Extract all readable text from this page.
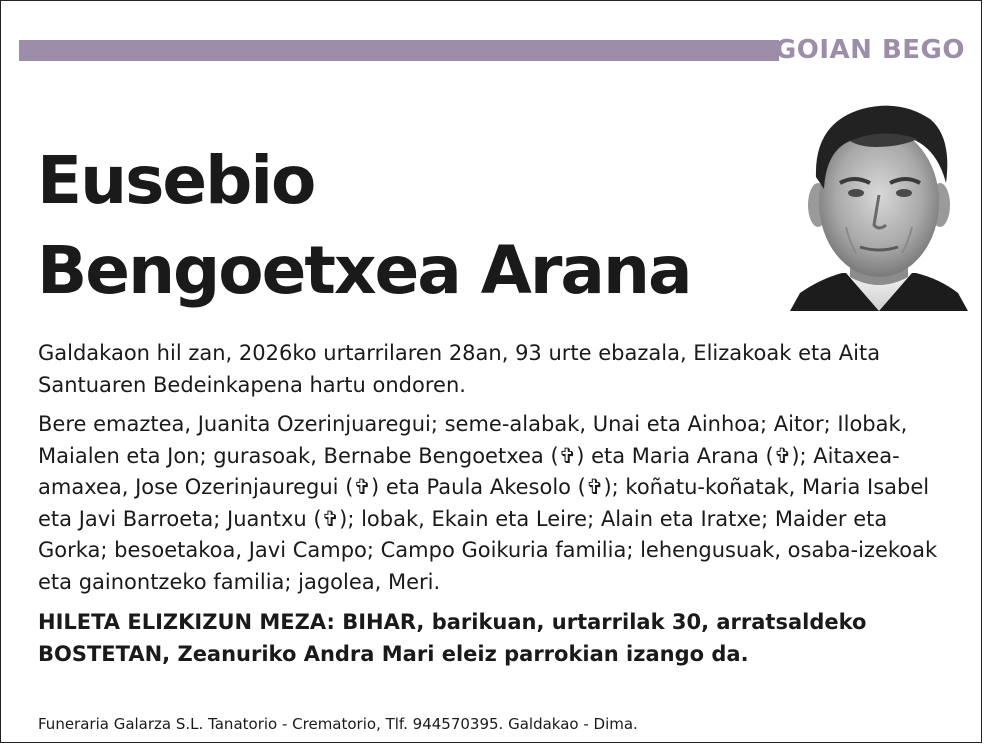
GOIAN BEGO
Eusebio
Bengoetxea Arana

Galdakaon hil zan, 2026ko urtarrilaren 28an, 93 urte ebazala, Elizakoak eta Aita Santuaren Bedeinkapena hartu ondoren.

Bere emaztea, Juanita Ozerinjuaregui; seme-alabak, Unai eta Ainhoa; Aitor; Ilobak, Maialen eta Jon; gurasoak, Bernabe Bengoetxea (✞) eta Maria Arana (✞); Aitaxea-amaxea, Jose Ozerinjauregui (✞) eta Paula Akesolo (✞); koñatu-koñatak, Maria Isabel eta Javi Barroeta; Juantxu (✞); lobak, Ekain eta Leire; Alain eta Iratxe; Maider eta Gorka; besoetakoa, Javi Campo; Campo Goikuria familia; lehengusuak, osaba-izekoak eta gainontzeko familia; jagolea, Meri.

HILETA ELIZKIZUN MEZA: BIHAR, barikuan, urtarrilak 30, arratsaldeko BOSTETAN, Zeanuriko Andra Mari eleiz parrokian izango da.

Funeraria Galarza S.L. Tanatorio - Crematorio, Tlf. 944570395. Galdakao - Dima.
